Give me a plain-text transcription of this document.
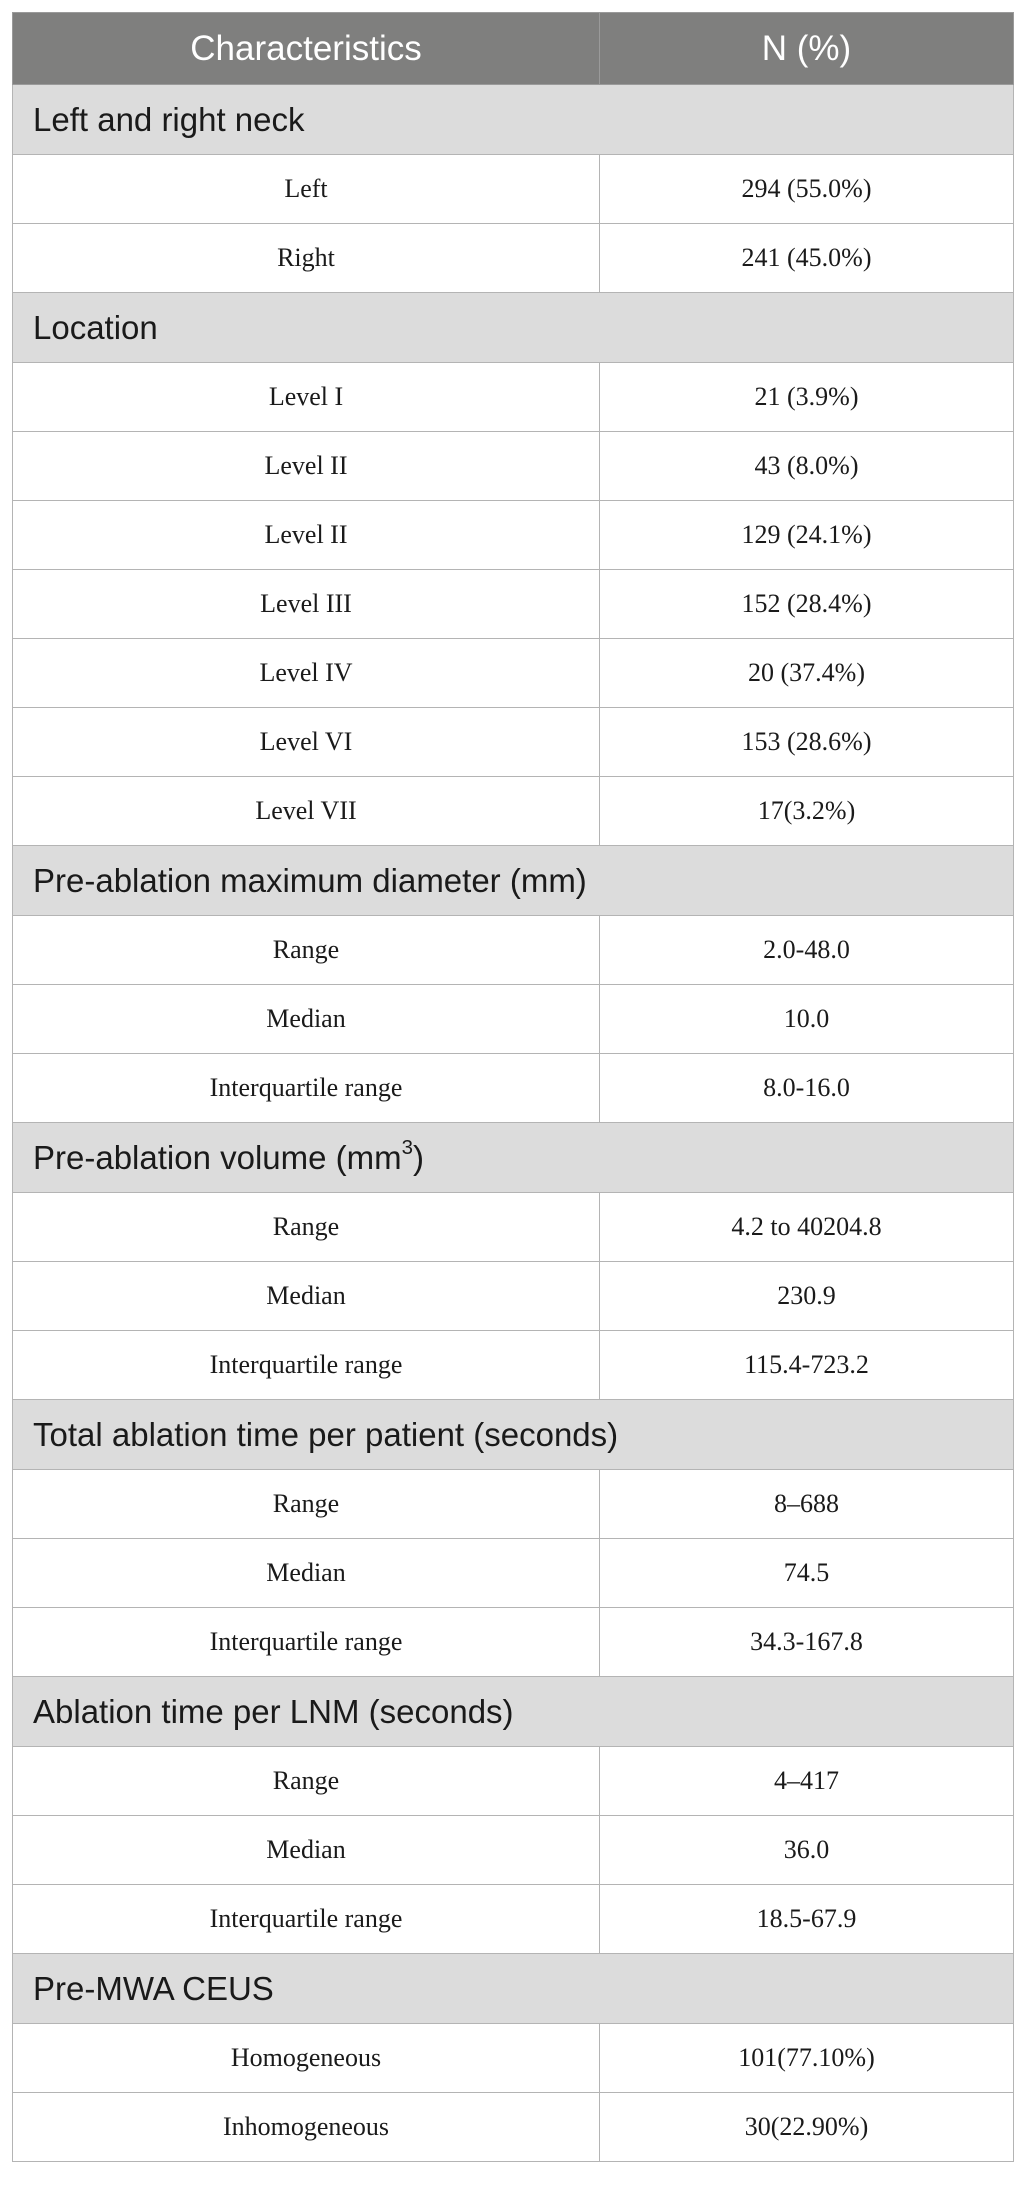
Characteristics	N (%)
Left and right neck	
Left	294 (55.0%)
Right	241 (45.0%)
Location	
Level I	21 (3.9%)
Level II	43 (8.0%)
Level II	129 (24.1%)
Level III	152 (28.4%)
Level IV	20 (37.4%)
Level VI	153 (28.6%)
Level VII	17(3.2%)
Pre-ablation maximum diameter (mm)	
Range	2.0-48.0
Median	10.0
Interquartile range	8.0-16.0
Pre-ablation volume $(mm^3)$	
Range	4.2 to 40204.8
Median	230.9
Interquartile range	115.4-723.2
Total ablation time per patient (seconds)	
Range	8–688
Median	74.5
Interquartile range	34.3-167.8
Ablation time per LNM (seconds)	
Range	4–417
Median	36.0
Interquartile range	18.5-67.9
Pre-MWA CEUS	
Homogeneous	101(77.10%)
Inhomogeneous	30(22.90%)
